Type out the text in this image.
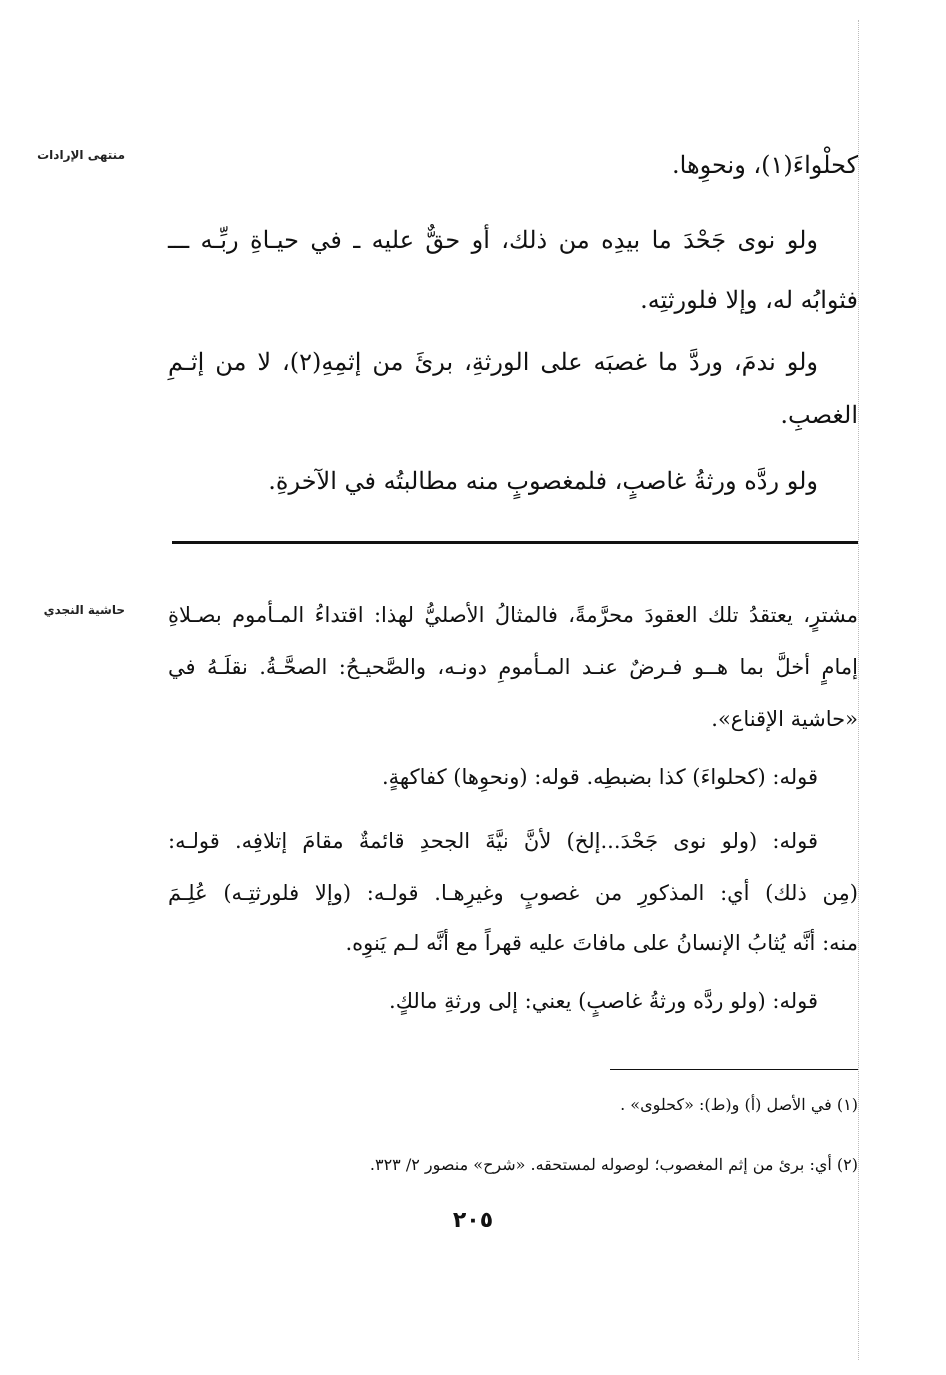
منتهى الإرادات
حاشية النجدي
كحلْواءَ(١)، ونحوِها.
ولو نوى جَحْدَ ما بيدِه من ذلك، أو حقٌّ عليه ـ في حيـاةِ ربِّـه ـــ
فثوابُه له، وإلا فلورثتِه.
ولو ندمَ، وردَّ ما غصبَه على الورثةِ، برئَ من إثمِهِ(٢)، لا من إثـمِ
الغصبِ.
ولو ردَّه ورثةُ غاصبٍ، فلمغصوبٍ منه مطالبتُه في الآخرةِ.
مشترٍ، يعتقدُ تلك العقودَ محرَّمةً، فالمثالُ الأصليُّ لهذا: اقتداءُ المـأموم بصـلاةِ
إمامٍ أخلَّ بما هــو فـرضٌ عنـد المـأمومِ دونـه، والصَّحيـحُ: الصحَّـةُ. نقلَـهُ في
«حاشية الإقناع».
قوله: (كحلواءَ) كذا بضبطِه. قوله: (ونحوِها) كفاكهةٍ.
قوله: (ولو نوى جَحْدَ...إلخ) لأنَّ نيَّةَ الجحدِ قائمةٌ مقامَ إتلافِه. قولـه:
(مِن ذلك) أي: المذكورِ من غصوبٍ وغيرِهـا. قولـه: (وإلا فلورثتِـه) عُلِـمَ
منه: أنَّه يُثابُ الإنسانُ على مافاتَ عليه قهراً مع أنَّه لـم يَنوِه.
قوله: (ولو ردَّه ورثةُ غاصبٍ) يعني: إلى ورثةِ مالكٍ.
(١) في الأصل (أ) و(ط): «كحلوى» .
(٢) أي: برئ من إثم المغصوب؛ لوصوله لمستحقه. «شرح» منصور ٢/ ٣٢٣.
٢٠٥
